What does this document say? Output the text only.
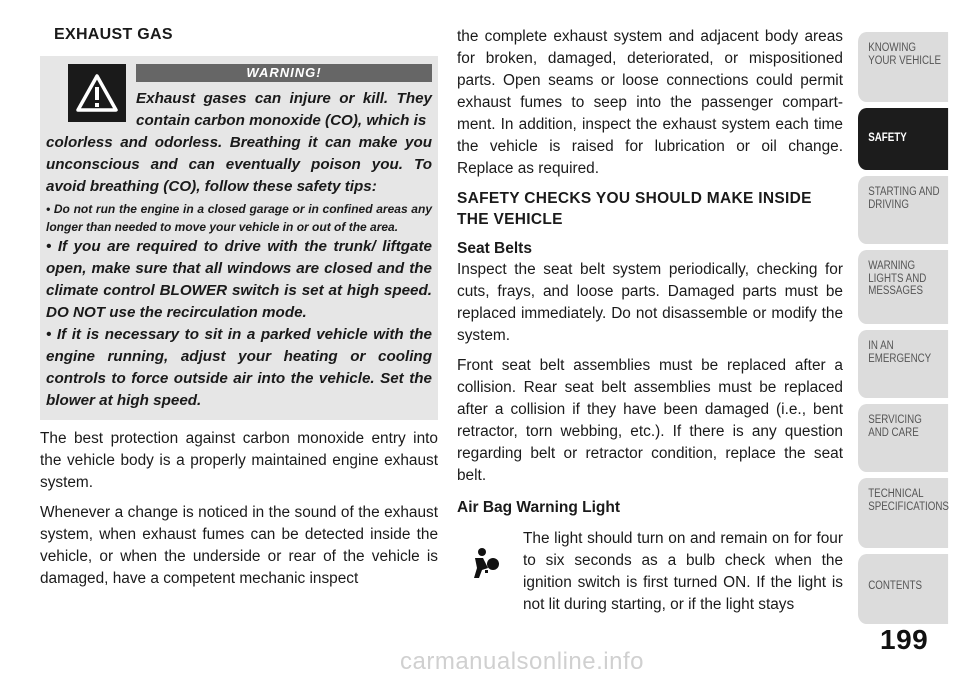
EXHAUST GAS
WARNING!
Exhaust gases can injure or kill. They contain carbon monoxide (CO), which is
colorless and odorless. Breathing it can make you unconscious and can eventually poison you. To avoid breathing (CO), follow these safety tips:
• Do not run the engine in a closed garage or in confined areas any longer than needed to move your vehicle in or out of the area.
• If you are required to drive with the trunk/ liftgate open, make sure that all windows are closed and the climate control BLOWER switch is set at high speed. DO NOT use the recirculation mode.
• If it is necessary to sit in a parked vehicle with the engine running, adjust your heating or cooling controls to force outside air into the vehicle. Set the blower at high speed.

The best protection against carbon monoxide entry into the vehicle body is a properly maintained engine exhaust system.

Whenever a change is noticed in the sound of the exhaust system, when exhaust fumes can be detected inside the vehicle, or when the underside or rear of the vehicle is damaged, have a competent mechanic inspect

the complete exhaust system and adjacent body areas for broken, damaged, deteriorated, or mispositioned parts. Open seams or loose connections could permit exhaust fumes to seep into the passenger compart- ment. In addition, inspect the exhaust system each time the vehicle is raised for lubrication or oil change. Replace as required.

SAFETY CHECKS YOU SHOULD MAKE INSIDE THE VEHICLE
Seat Belts

Inspect the seat belt system periodically, checking for cuts, frays, and loose parts. Damaged parts must be replaced immediately. Do not disassemble or modify the system.

Front seat belt assemblies must be replaced after a collision. Rear seat belt assemblies must be replaced after a collision if they have been damaged (i.e., bent retractor, torn webbing, etc.). If there is any question regarding belt or retractor condition, replace the seat belt.

Air Bag Warning Light
The light should turn on and remain on for four to six seconds as a bulb check when the ignition switch is first turned ON. If the light is not lit during starting, or if the light stays
KNOWING YOUR VEHICLE
SAFETY
STARTING AND DRIVING
WARNING LIGHTS AND MESSAGES
IN AN EMERGENCY
SERVICING AND CARE
TECHNICAL SPECIFICATIONS
CONTENTS
199
carmanualsonline.info
